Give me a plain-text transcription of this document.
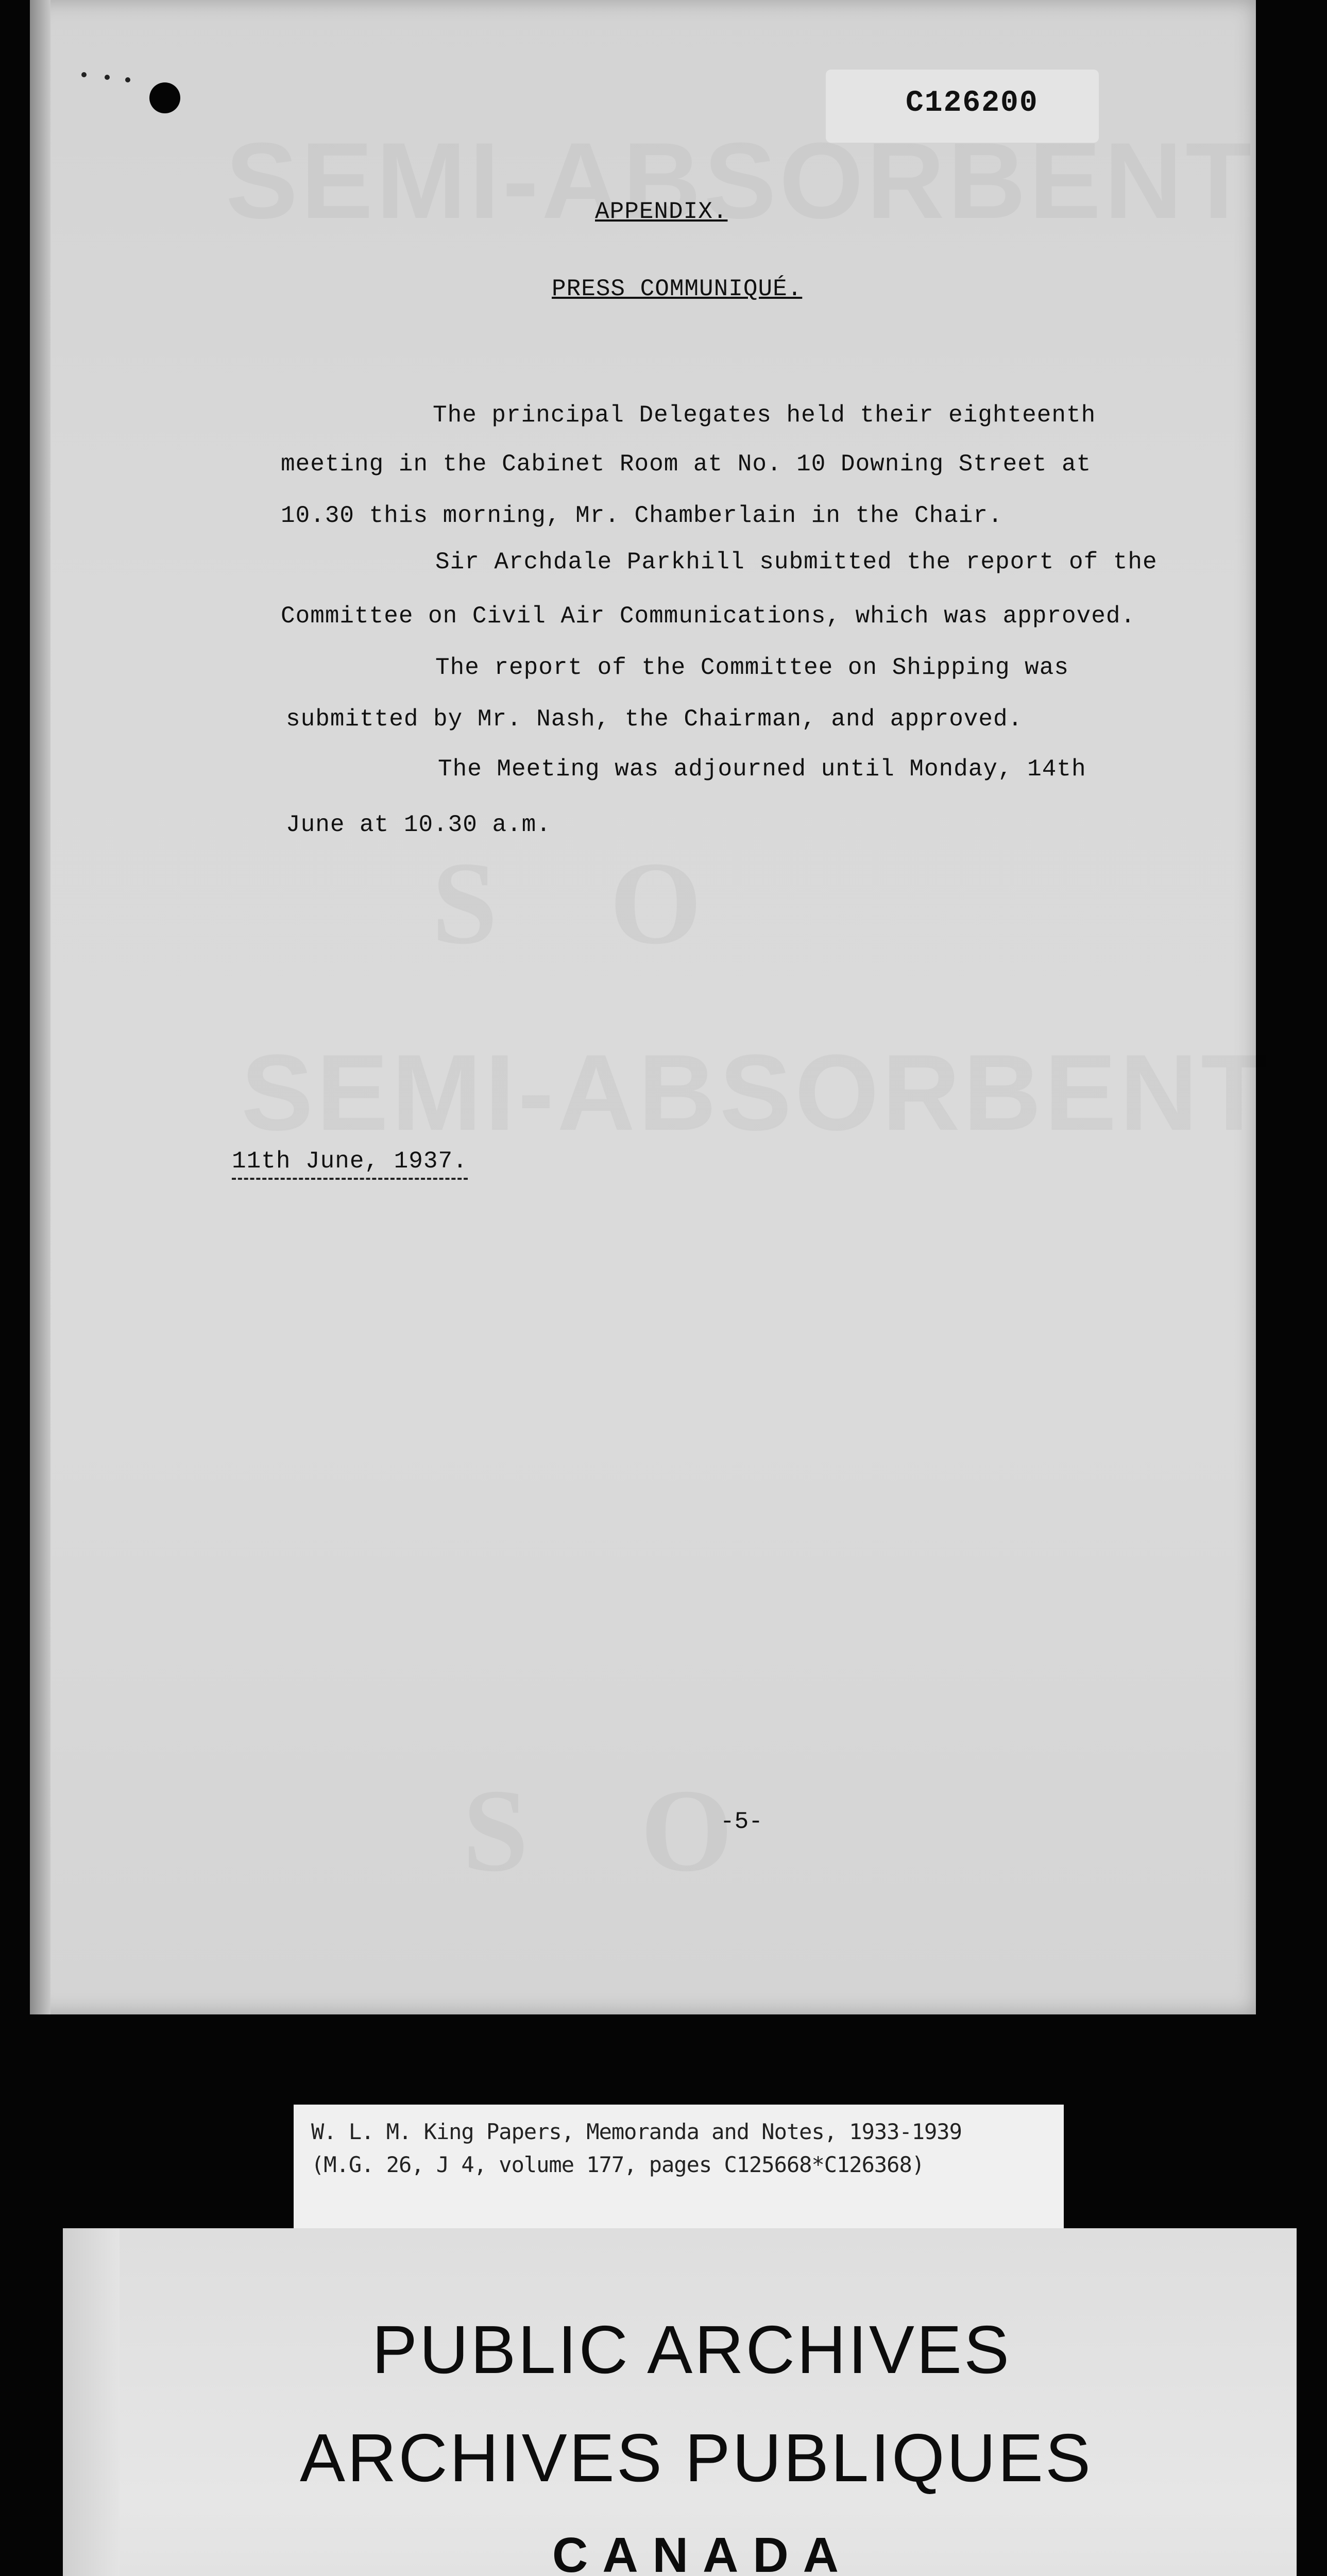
C126200
APPENDIX.
PRESS COMMUNIQUÉ.
The principal Delegates held their eighteenth
meeting in the Cabinet Room at No. 10 Downing Street at
10.30 this morning, Mr. Chamberlain in the Chair.
Sir Archdale Parkhill submitted the report of the
Committee on Civil Air Communications, which was approved.
The report of the Committee on Shipping was
submitted by Mr. Nash, the Chairman, and approved.
The Meeting was adjourned until Monday, 14th
June at 10.30 a.m.
11th June, 1937.
-5-
W. L. M. King Papers, Memoranda and Notes, 1933-1939
(M.G. 26, J 4, volume 177, pages C125668*C126368)
PUBLIC ARCHIVES
ARCHIVES PUBLIQUES
CANADA
